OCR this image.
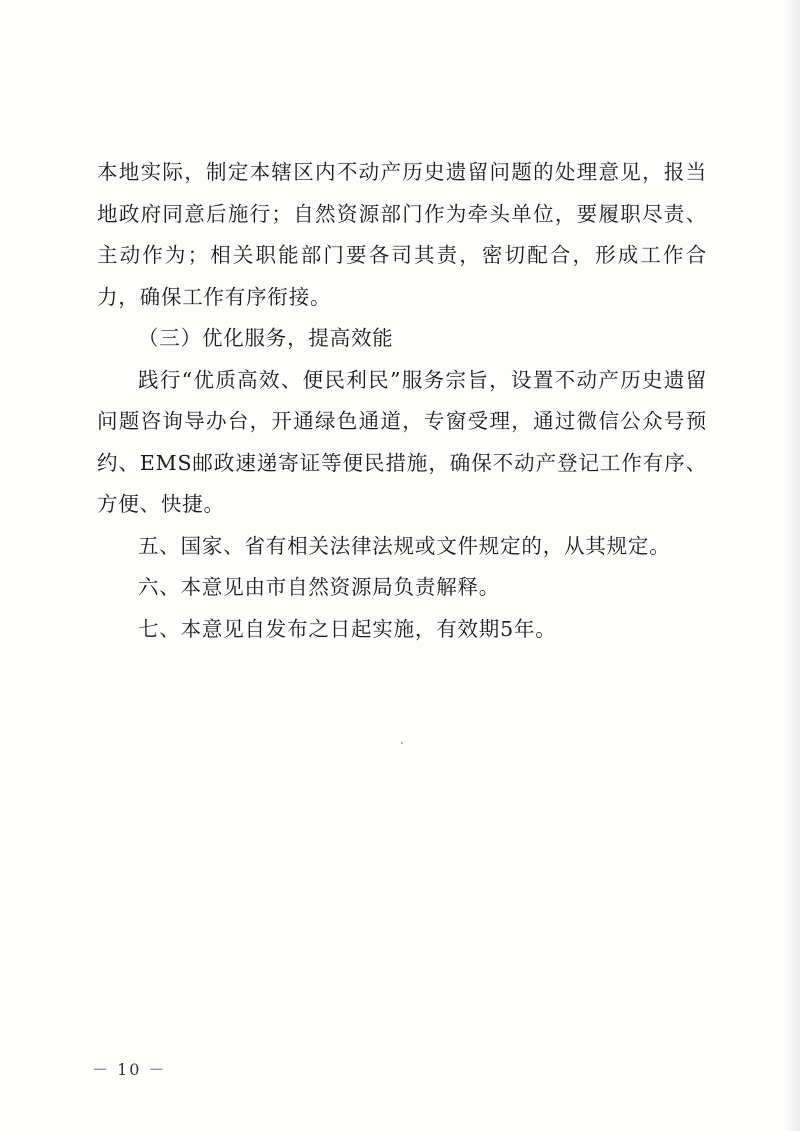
本地实际，制定本辖区内不动产历史遗留问题的处理意见，报当地政府同意后施行；自然资源部门作为牵头单位，要履职尽责、主动作为；相关职能部门要各司其责，密切配合，形成工作合力，确保工作有序衔接。

（三）优化服务，提高效能

践行“优质高效、便民利民”服务宗旨，设置不动产历史遗留问题咨询导办台，开通绿色通道，专窗受理，通过微信公众号预约、EMS邮政速递寄证等便民措施，确保不动产登记工作有序、方便、快捷。

五、国家、省有相关法律法规或文件规定的，从其规定。

六、本意见由市自然资源局负责解释。

七、本意见自发布之日起实施，有效期5年。

－ 10 －
